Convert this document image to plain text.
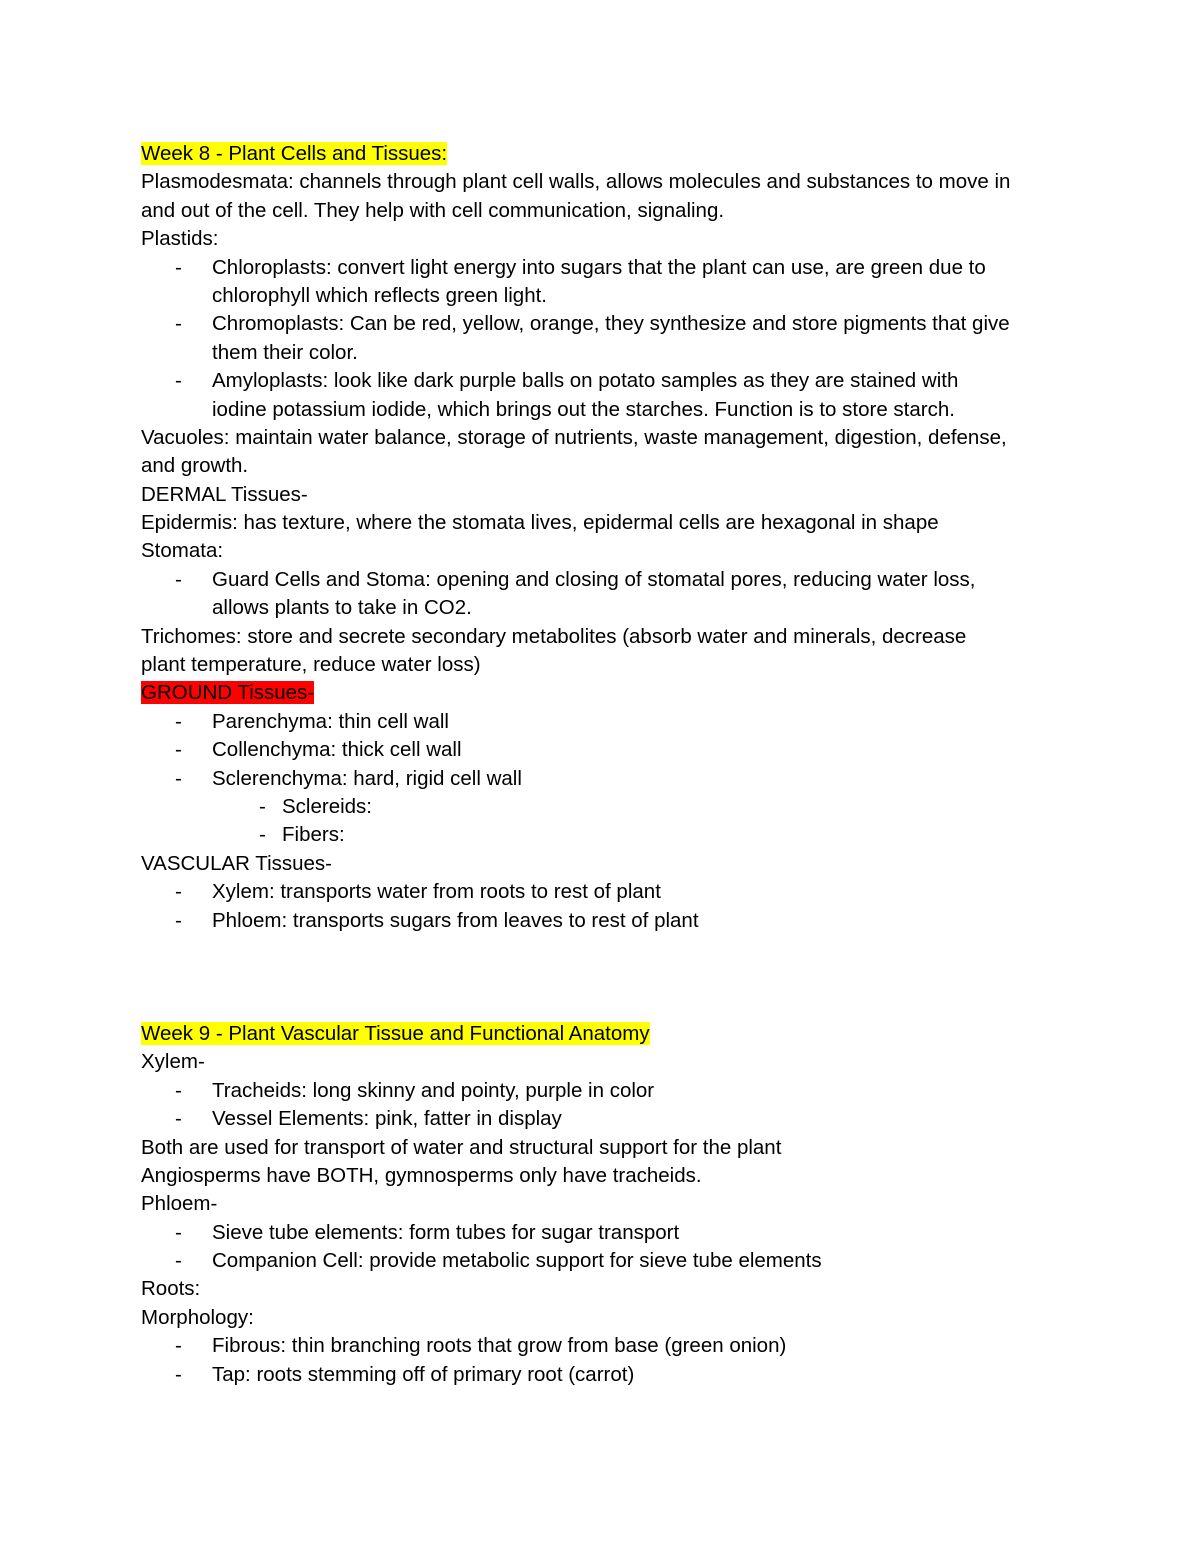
Week 8 - Plant Cells and Tissues:
Plasmodesmata: channels through plant cell walls, allows molecules and substances to move in
and out of the cell. They help with cell communication, signaling.
Plastids:
- Chloroplasts: convert light energy into sugars that the plant can use, are green due to
chlorophyll which reflects green light.
- Chromoplasts: Can be red, yellow, orange, they synthesize and store pigments that give
them their color.
- Amyloplasts: look like dark purple balls on potato samples as they are stained with
iodine potassium iodide, which brings out the starches. Function is to store starch.
Vacuoles: maintain water balance, storage of nutrients, waste management, digestion, defense,
and growth.
DERMAL Tissues-
Epidermis: has texture, where the stomata lives, epidermal cells are hexagonal in shape
Stomata:
- Guard Cells and Stoma: opening and closing of stomatal pores, reducing water loss,
allows plants to take in CO2.
Trichomes: store and secrete secondary metabolites (absorb water and minerals, decrease
plant temperature, reduce water loss)
GROUND Tissues-
- Parenchyma: thin cell wall
- Collenchyma: thick cell wall
- Sclerenchyma: hard, rigid cell wall
- Sclereids:
- Fibers:
VASCULAR Tissues-
- Xylem: transports water from roots to rest of plant
- Phloem: transports sugars from leaves to rest of plant
Week 9 - Plant Vascular Tissue and Functional Anatomy
Xylem-
- Tracheids: long skinny and pointy, purple in color
- Vessel Elements: pink, fatter in display
Both are used for transport of water and structural support for the plant
Angiosperms have BOTH, gymnosperms only have tracheids.
Phloem-
- Sieve tube elements: form tubes for sugar transport
- Companion Cell: provide metabolic support for sieve tube elements
Roots:
Morphology:
- Fibrous: thin branching roots that grow from base (green onion)
- Tap: roots stemming off of primary root (carrot)
